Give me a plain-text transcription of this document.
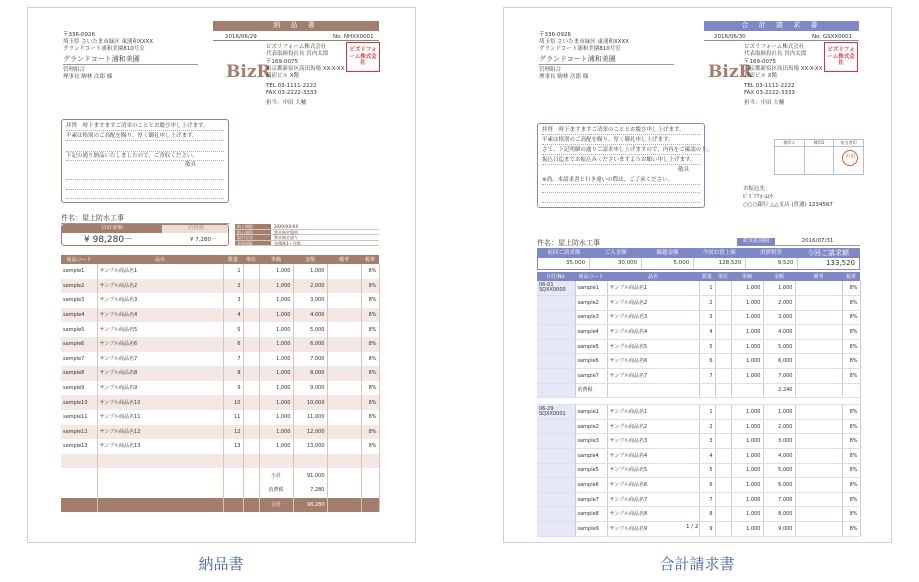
〒336-0926
埼玉県 さいたま市緑区 東浦和XXXX
グランドコート浦和美園810号室
グランドコート浦和美園
管理組合
理事長 駒林 次郎 様
納 品 書
2016/06/29	No. NHXX0001
BizR
ビズリフォーム株式会社
代表取締役社長 宮内太郎
〒169-0075
東京都新宿区高田馬場 XX-X-XX
新宿ビル X階
TEL 03-1111-2222
FAX 03-2222-3333
担当：中田 大輔
ビズリフォーム株式会社
拝啓　時下ますますご清栄のこととお慶び申し上げます。
平素は格別のご高配を賜り、厚く御礼申し上げます。
下記の通り納品いたしましたので、ご査収ください。
敬具
件名：屋上防水工事
合計金額
¥ 98,280－
消費税
¥ 7,280－
納入期限	20XX/XX/XX
納入場所	貴社指定場所
取引方法	貴社指定通り
有効期限	見積後1ヶ月間
商品コード	品名	数量	単位	単価	金額	備考	税率
sample1	サンプル商品名1	1		1,000	1,000		8%
sample2	サンプル商品名2	2		1,000	2,000		8%
sample3	サンプル商品名3	3		1,000	3,000		8%
sample4	サンプル商品名4	4		1,000	4,000		8%
sample5	サンプル商品名5	5		1,000	5,000		8%
sample6	サンプル商品名6	6		1,000	6,000		8%
sample7	サンプル商品名7	7		1,000	7,000		8%
sample8	サンプル商品名8	8		1,000	8,000		8%
sample9	サンプル商品名9	9		1,000	9,000		8%
sample10	サンプル商品名10	10		1,000	10,000		8%
sample11	サンプル商品名11	11		1,000	11,000		8%
sample12	サンプル商品名12	12		1,000	12,000		8%
sample13	サンプル商品名13	13		1,000	13,000		8%

				小計	91,000		
				消費税	7,280		
				合計	98,280		
〒336-0926
埼玉県 さいたま市緑区 東浦和XXXX
グランドコート浦和美園810号室
グランドコート浦和美園
管理組合
理事長 駒林 次郎 様
合 計 請 求 書
2016/06/30	No. GSXX0001
BizR
ビズリフォーム株式会社
代表取締役社長 宮内太郎
〒169-0075
東京都新宿区高田馬場 XX-X-XX
新宿ビル X階
TEL 03-1111-2222
FAX 03-2222-3333
担当：中田 大輔
ビズリフォーム株式会社
拝啓　時下ますますご清栄のこととお慶び申し上げます。
平素は格別のご高配を賜り、厚く御礼申し上げます。
さて、下記明細の通りご請求申し上げますので、内容をご確認の上、
振込日迄までお振込みくださいますようお願い申し上げます。
敬具
※尚、本請求書と行き違いの際は、ご了承ください。
検印２	検印1	担当者印
中田
お振込先：
ﾋﾞｽﾞﾘﾌｫｰﾑ(ｶ
○○○銀行 △△支店 (普通) 1234567
お支払期限	2016/07/31
件名：屋上防水工事
前回ご請求額	ご入金額	繰越金額	今回お買上額	消費税等	今回ご請求額
35,000	30,000	5,000	128,520	9,520	133,520
日付/No.	商品コード	品名	数量	単位	単価	金額	備考	税率

06-01
SQXX0000	sample1	サンプル商品名1	1		1,000	1,000		8%

	sample2	サンプル商品名2	2		1,000	2,000		8%

	sample3	サンプル商品名3	3		1,000	3,000		8%

	sample4	サンプル商品名4	4		1,000	4,000		8%

	sample5	サンプル商品名5	5		1,000	5,000		8%

	sample6	サンプル商品名6	6		1,000	6,000		8%

	sample7	サンプル商品名7	7		1,000	7,000		8%

	消費税					2,240		

06-29
SQXX0001	sample1	サンプル商品名1	1		1,000	1,000		8%

	sample2	サンプル商品名2	2		1,000	2,000		8%

	sample3	サンプル商品名3	3		1,000	3,000		8%

	sample4	サンプル商品名4	4		1,000	4,000		8%

	sample5	サンプル商品名5	5		1,000	5,000		8%

	sample6	サンプル商品名6	6		1,000	6,000		8%

	sample7	サンプル商品名7	7		1,000	7,000		8%

	sample8	サンプル商品名8	8		1,000	8,000		8%

	sample9	サンプル商品名9	9		1,000	9,000		8%
1 / 2
納品書	合計請求書
